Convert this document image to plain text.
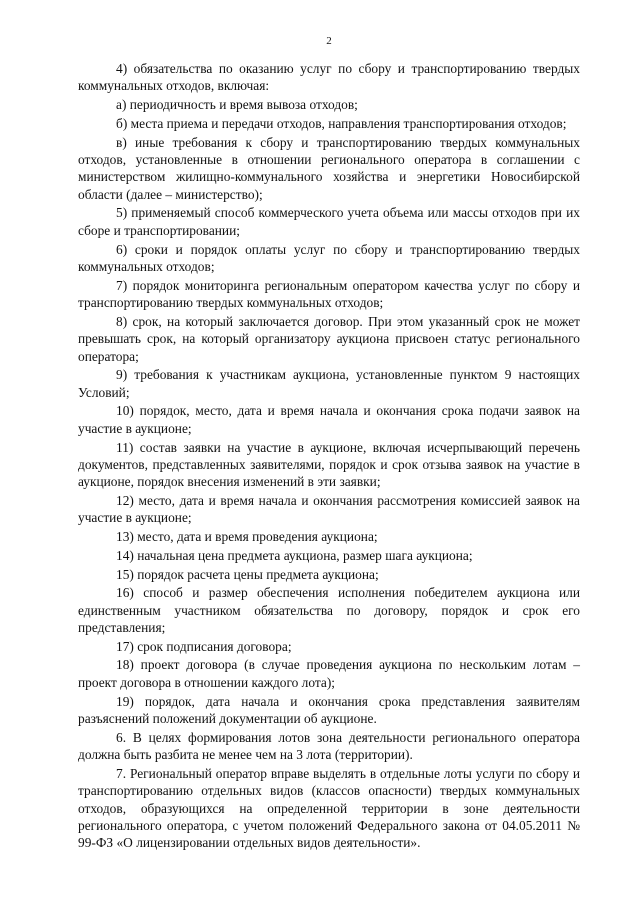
2

4) обязательства по оказанию услуг по сбору и транспортированию твердых коммунальных отходов, включая:

а) периодичность и время вывоза отходов;

б) места приема и передачи отходов, направления транспортирования отходов;

в) иные требования к сбору и транспортированию твердых коммунальных отходов, установленные в отношении регионального оператора в соглашении с министерством жилищно-коммунального хозяйства и энергетики Новосибирской области (далее – министерство);

5) применяемый способ коммерческого учета объема или массы отходов при их сборе и транспортировании;

6) сроки и порядок оплаты услуг по сбору и транспортированию твердых коммунальных отходов;

7) порядок мониторинга региональным оператором качества услуг по сбору и транспортированию твердых коммунальных отходов;

8) срок, на который заключается договор. При этом указанный срок не может превышать срок, на который организатору аукциона присвоен статус регионального оператора;

9) требования к участникам аукциона, установленные пунктом 9 настоящих Условий;

10) порядок, место, дата и время начала и окончания срока подачи заявок на участие в аукционе;

11) состав заявки на участие в аукционе, включая исчерпывающий перечень документов, представленных заявителями, порядок и срок отзыва заявок на участие в аукционе, порядок внесения изменений в эти заявки;

12) место, дата и время начала и окончания рассмотрения комиссией заявок на участие в аукционе;

13) место, дата и время проведения аукциона;

14) начальная цена предмета аукциона, размер шага аукциона;

15) порядок расчета цены предмета аукциона;

16) способ и размер обеспечения исполнения победителем аукциона или единственным участником обязательства по договору, порядок и срок его представления;

17) срок подписания договора;

18) проект договора (в случае проведения аукциона по нескольким лотам – проект договора в отношении каждого лота);

19) порядок, дата начала и окончания срока представления заявителям разъяснений положений документации об аукционе.

6. В целях формирования лотов зона деятельности регионального оператора должна быть разбита не менее чем на 3 лота (территории).

7. Региональный оператор вправе выделять в отдельные лоты услуги по сбору и транспортированию отдельных видов (классов опасности) твердых коммунальных отходов, образующихся на определенной территории в зоне деятельности регионального оператора, с учетом положений Федерального закона от 04.05.2011 № 99-ФЗ «О лицензировании отдельных видов деятельности».
